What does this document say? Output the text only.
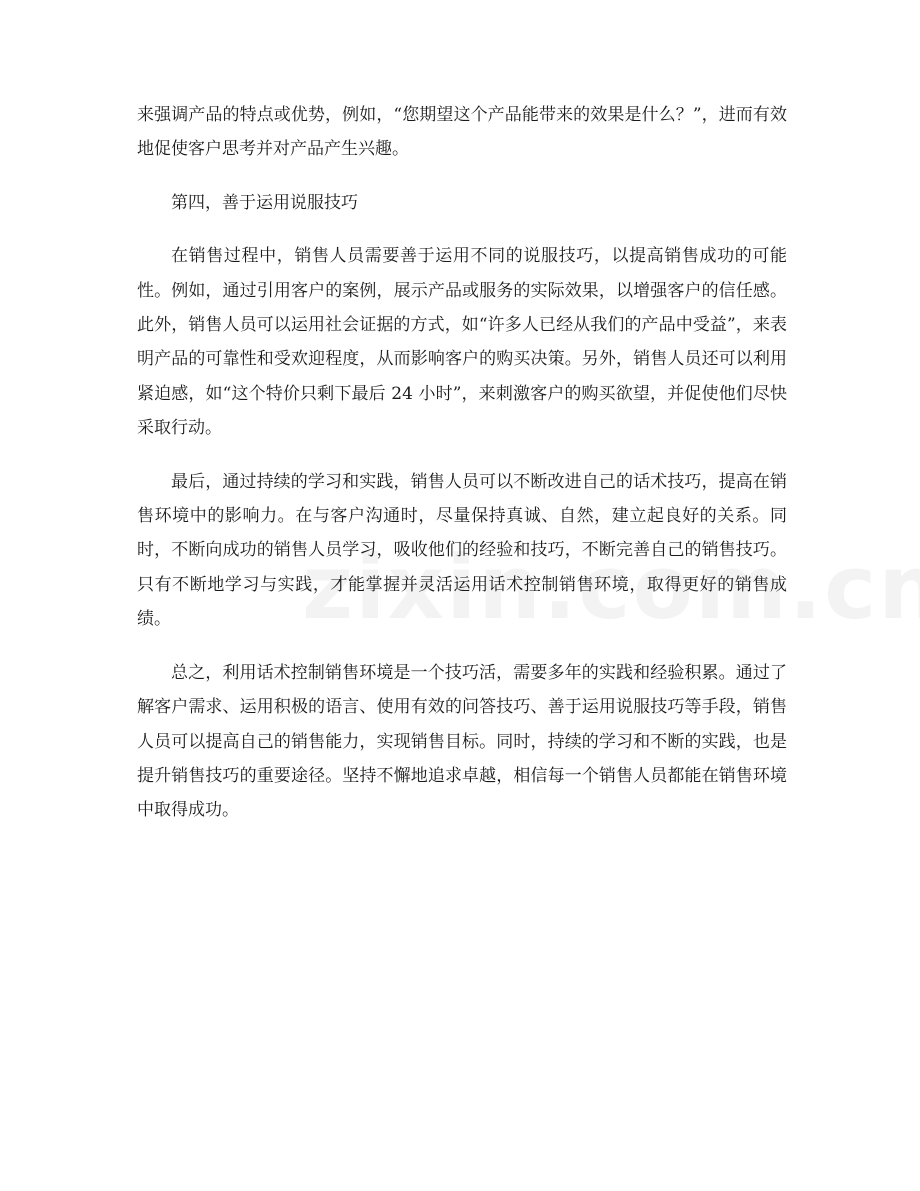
来强调产品的特点或优势，例如，“您期望这个产品能带来的效果是什么？”，进而有效地促使客户思考并对产品产生兴趣。

第四，善于运用说服技巧

在销售过程中，销售人员需要善于运用不同的说服技巧，以提高销售成功的可能性。例如，通过引用客户的案例，展示产品或服务的实际效果，以增强客户的信任感。此外，销售人员可以运用社会证据的方式，如“许多人已经从我们的产品中受益”，来表明产品的可靠性和受欢迎程度，从而影响客户的购买决策。另外，销售人员还可以利用紧迫感，如“这个特价只剩下最后 24 小时”，来刺激客户的购买欲望，并促使他们尽快采取行动。

最后，通过持续的学习和实践，销售人员可以不断改进自己的话术技巧，提高在销售环境中的影响力。在与客户沟通时，尽量保持真诚、自然，建立起良好的关系。同时，不断向成功的销售人员学习，吸收他们的经验和技巧，不断完善自己的销售技巧。只有不断地学习与实践，才能掌握并灵活运用话术控制销售环境，取得更好的销售成绩。

总之，利用话术控制销售环境是一个技巧活，需要多年的实践和经验积累。通过了解客户需求、运用积极的语言、使用有效的问答技巧、善于运用说服技巧等手段，销售人员可以提高自己的销售能力，实现销售目标。同时，持续的学习和不断的实践，也是提升销售技巧的重要途径。坚持不懈地追求卓越，相信每一个销售人员都能在销售环境中取得成功。
